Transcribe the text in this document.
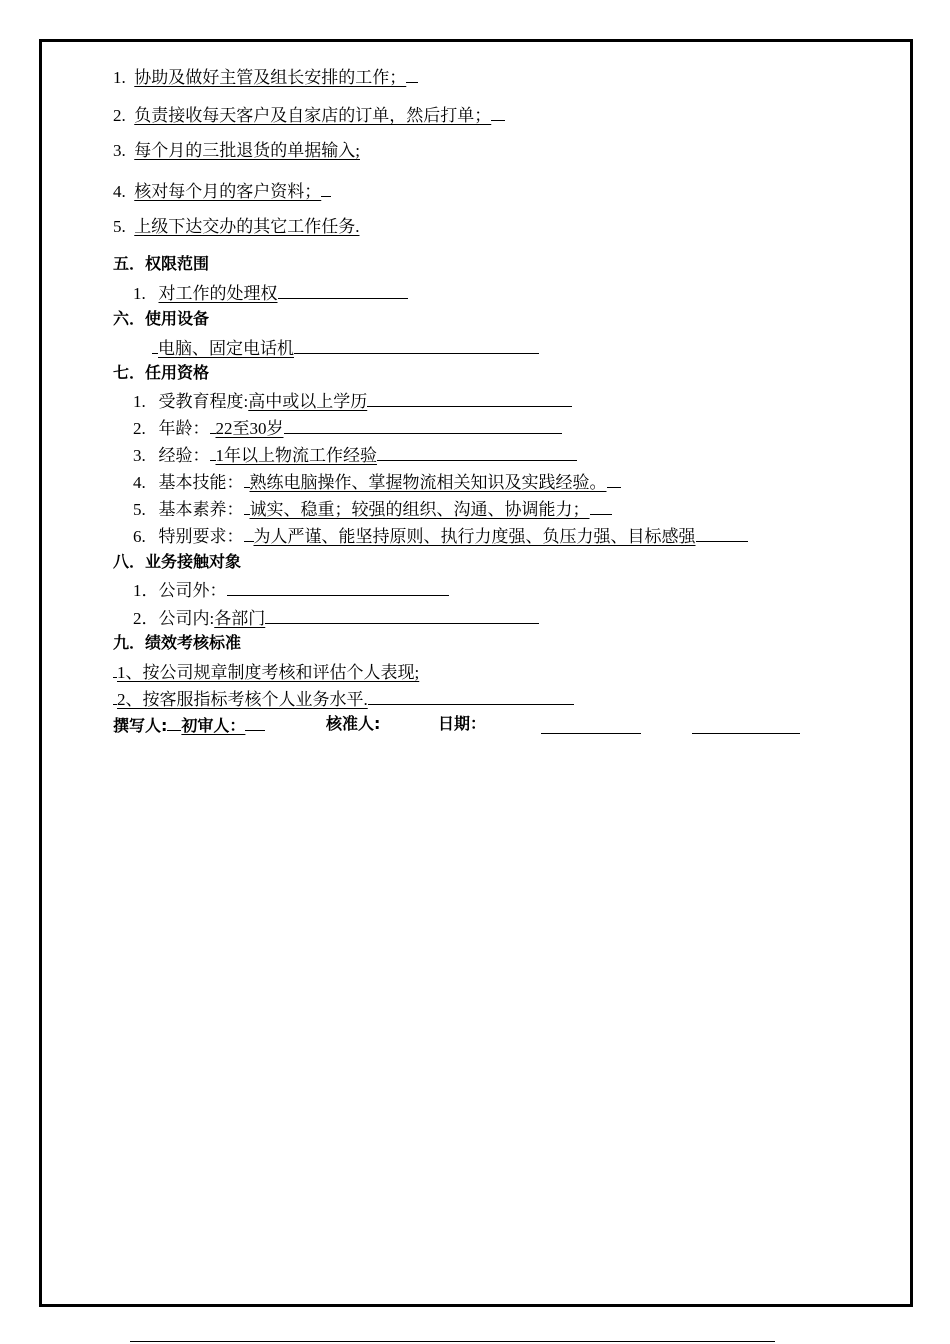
1. 协助及做好主管及组长安排的工作；
2. 负责接收每天客户及自家店的订单，然后打单；
3. 每个月的三批退货的单据输入;
4. 核对每个月的客户资料；
5. 上级下达交办的其它工作任务.
五．权限范围
1. 对工作的处理权
六．使用设备
电脑、固定电话机
七．任用资格
1. 受教育程度:高中或以上学历
2. 年龄： 22至30岁
3. 经验： 1年以上物流工作经验
4. 基本技能： 熟练电脑操作、掌握物流相关知识及实践经验。
5. 基本素养： 诚实、稳重；较强的组织、沟通、协调能力；
6. 特别要求： 为人严谨、能坚持原则、执行力度强、负压力强、目标感强
八．业务接触对象
1．公司外：
2．公司内:各部门
九．绩效考核标准
1、按公司规章制度考核和评估个人表现;
2、按客服指标考核个人业务水平.
撰写人: 初审人：	核准人:	日期：
